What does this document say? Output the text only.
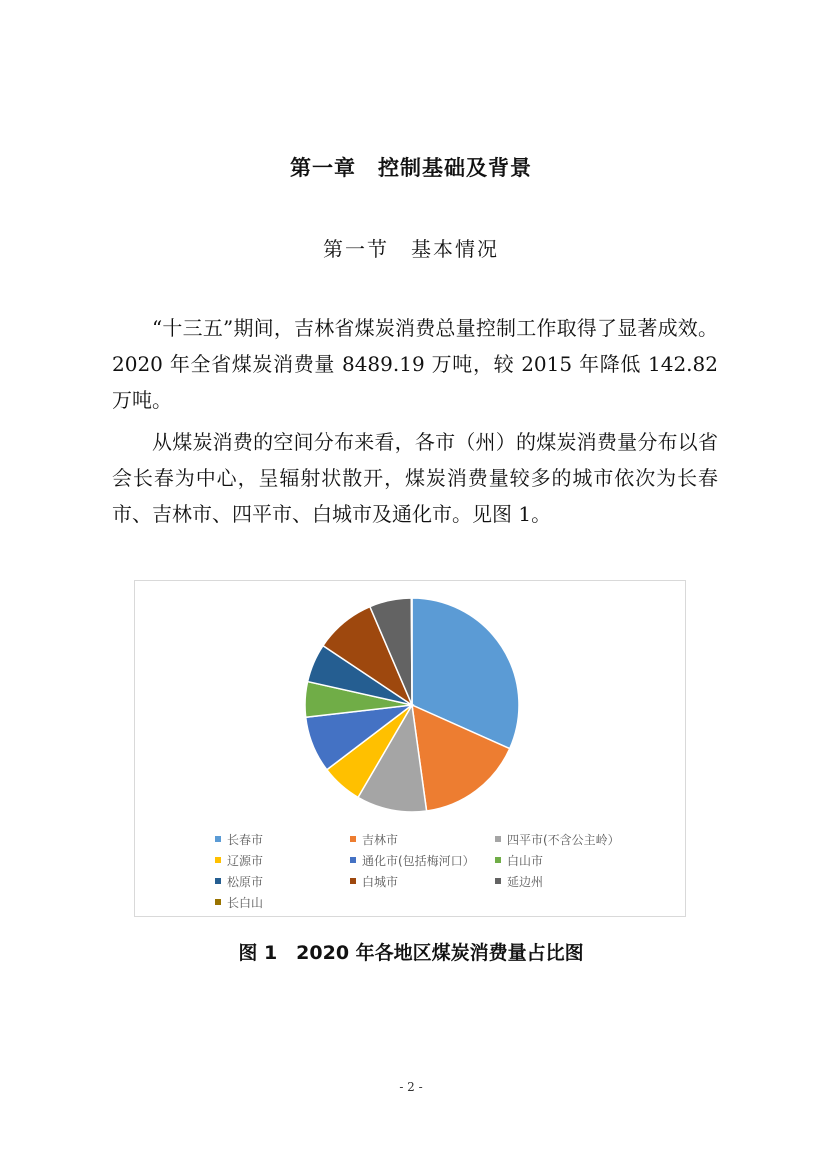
第一章　控制基础及背景
第一节　基本情况

“十三五”期间，吉林省煤炭消费总量控制工作取得了显著成效。2020 年全省煤炭消费量 8489.19 万吨，较 2015 年降低 142.82 万吨。

从煤炭消费的空间分布来看，各市（州）的煤炭消费量分布以省会长春为中心，呈辐射状散开，煤炭消费量较多的城市依次为长春市、吉林市、四平市、白城市及通化市。见图 1。

长春市	吉林市	四平市(不含公主岭）
辽源市	通化市(包括梅河口）	白山市
松原市	白城市	延边州
长白山
图 1　2020 年各地区煤炭消费量占比图
- 2 -
